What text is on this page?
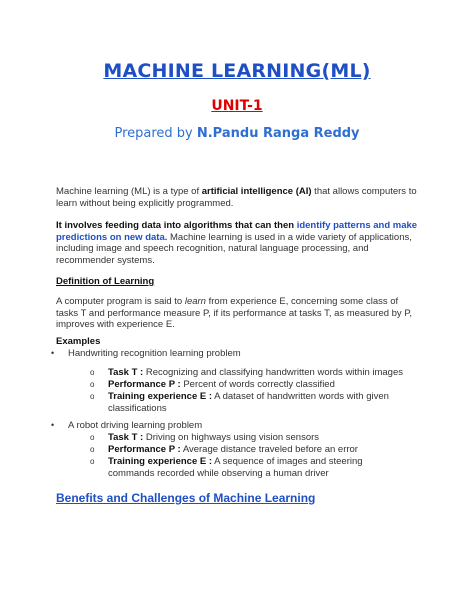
MACHINE LEARNING(ML)
UNIT-1
Prepared by N.Pandu Ranga Reddy
Machine learning (ML) is a type of artificial intelligence (AI) that allows computers to learn without being explicitly programmed.
It involves feeding data into algorithms that can then identify patterns and make predictions on new data. Machine learning is used in a wide variety of applications, including image and speech recognition, natural language processing, and recommender systems.
Definition of Learning
A computer program is said to learn from experience E, concerning some class of tasks T and performance measure P, if its performance at tasks T, as measured by P, improves with experience E.
Examples
• Handwriting recognition learning problem
o Task T : Recognizing and classifying handwritten words within images
o Performance P : Percent of words correctly classified
o Training experience E : A dataset of handwritten words with given classifications
• A robot driving learning problem
o Task T : Driving on highways using vision sensors
o Performance P : Average distance traveled before an error
o Training experience E : A sequence of images and steering commands recorded while observing a human driver
Benefits and Challenges of Machine Learning
